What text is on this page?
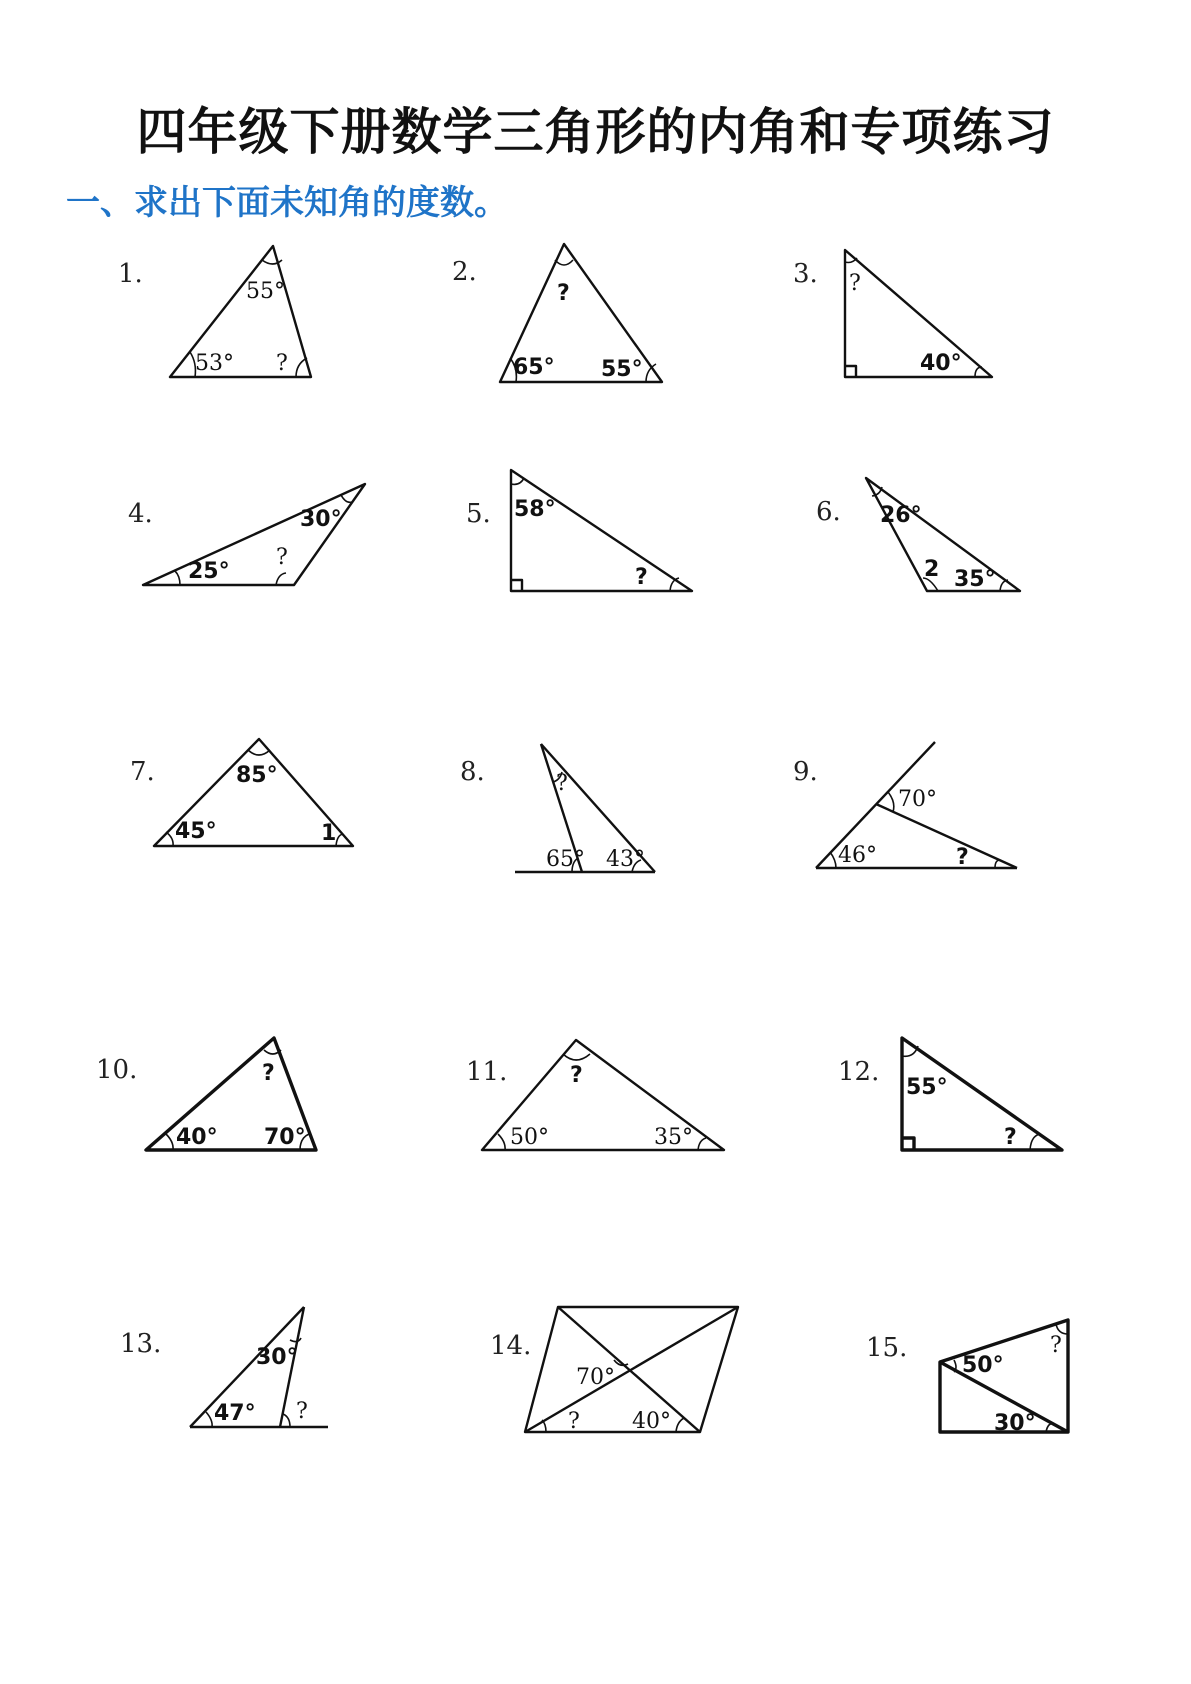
四年级下册数学三角形的内角和专项练习
一、求出下面未知角的度数。
1.
55°
53° ?
2.
?
65° 55°
3. ?
40°
4.
25°
30°
?
5. 58°
?
6. 26°
2 35°
7.	85°
45°	1
8.	?
65° 43°
9.
70°
46°	?
10.	?
40° 70°
11.	?
50°	35°
12.
55°
?
13.	30°
47° ?
14.
70°
? 40°
15.
50°
?
30°
